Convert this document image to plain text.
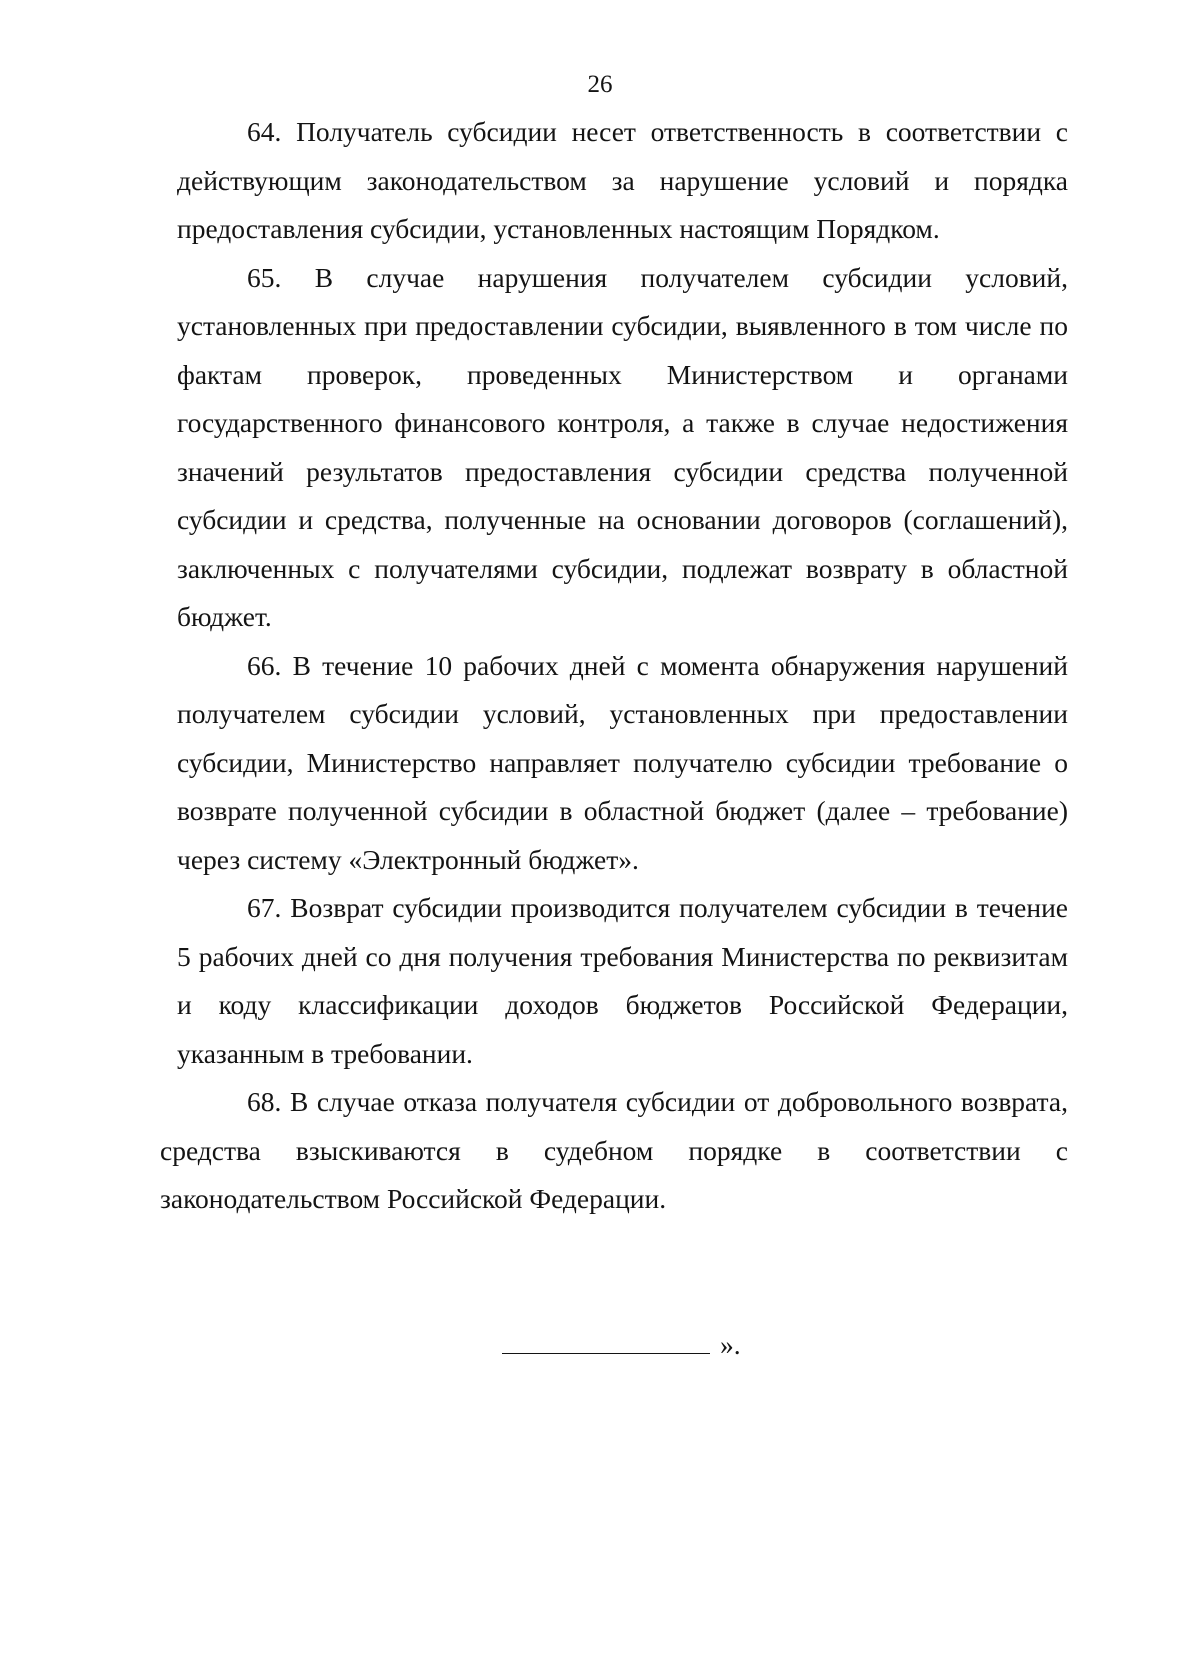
26

64. Получатель субсидии несет ответственность в соответствии с действующим законодательством за нарушение условий и порядка предоставления субсидии, установленных настоящим Порядком.

65. В случае нарушения получателем субсидии условий, установленных при предоставлении субсидии, выявленного в том числе по фактам проверок, проведенных Министерством и органами государственного финансового контроля, а также в случае недостижения значений результатов предоставления субсидии средства полученной субсидии и средства, полученные на основании договоров (соглашений), заключенных с получателями субсидии, подлежат возврату в областной бюджет.

66. В течение 10 рабочих дней с момента обнаружения нарушений получателем субсидии условий, установленных при предоставлении субсидии, Министерство направляет получателю субсидии требование о возврате полученной субсидии в областной бюджет (далее – требование) через систему «Электронный бюджет».

67. Возврат субсидии производится получателем субсидии в течение 5 рабочих дней со дня получения требования Министерства по реквизитам и коду классификации доходов бюджетов Российской Федерации, указанным в требовании.

68. В случае отказа получателя субсидии от добровольного возврата, средства взыскиваются в судебном порядке в соответствии с законодательством Российской Федерации.

».
